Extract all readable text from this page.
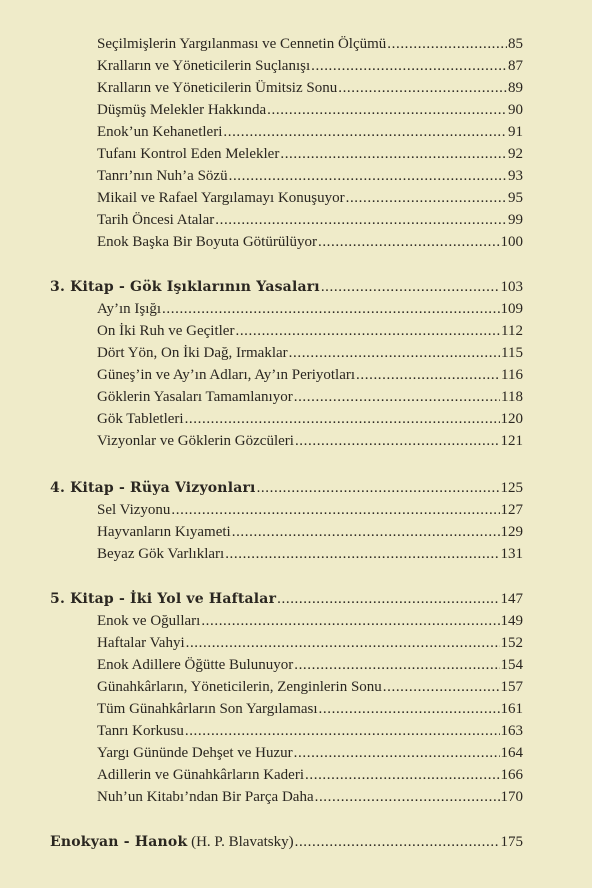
Seçilmişlerin Yargılanması ve Cennetin Ölçümü .....	85
Kralların ve Yöneticilerin Suçlanışı .....	87
Kralların ve Yöneticilerin Ümitsiz Sonu .....	89
Düşmüş Melekler Hakkında .....	90
Enok’un Kehanetleri .....	91
Tufanı Kontrol Eden Melekler .....	92
Tanrı’nın Nuh’a Sözü .....	93
Mikail ve Rafael Yargılamayı Konuşuyor .....	95
Tarih Öncesi Atalar .....	99
Enok Başka Bir Boyuta Götürülüyor .....	100
3. Kitap - Gök Işıklarının Yasaları .....	103
Ay’ın Işığı .....	109
On İki Ruh ve Geçitler .....	112
Dört Yön, On İki Dağ, Irmaklar .....	115
Güneş’in ve Ay’ın Adları, Ay’ın Periyotları .....	116
Göklerin Yasaları Tamamlanıyor .....	118
Gök Tabletleri .....	120
Vizyonlar ve Göklerin Gözcüleri .....	121
4. Kitap - Rüya Vizyonları .....	125
Sel Vizyonu .....	127
Hayvanların Kıyameti .....	129
Beyaz Gök Varlıkları .....	131
5. Kitap - İki Yol ve Haftalar .....	147
Enok ve Oğulları .....	149
Haftalar Vahyi .....	152
Enok Adillere Öğütte Bulunuyor .....	154
Günahkârların, Yöneticilerin, Zenginlerin Sonu .....	157
Tüm Günahkârların Son Yargılaması .....	161
Tanrı Korkusu .....	163
Yargı Gününde Dehşet ve Huzur .....	164
Adillerin ve Günahkârların Kaderi .....	166
Nuh’un Kitabı’ndan Bir Parça Daha .....	170
Enokyan - Hanok (H. P. Blavatsky) .....	175
